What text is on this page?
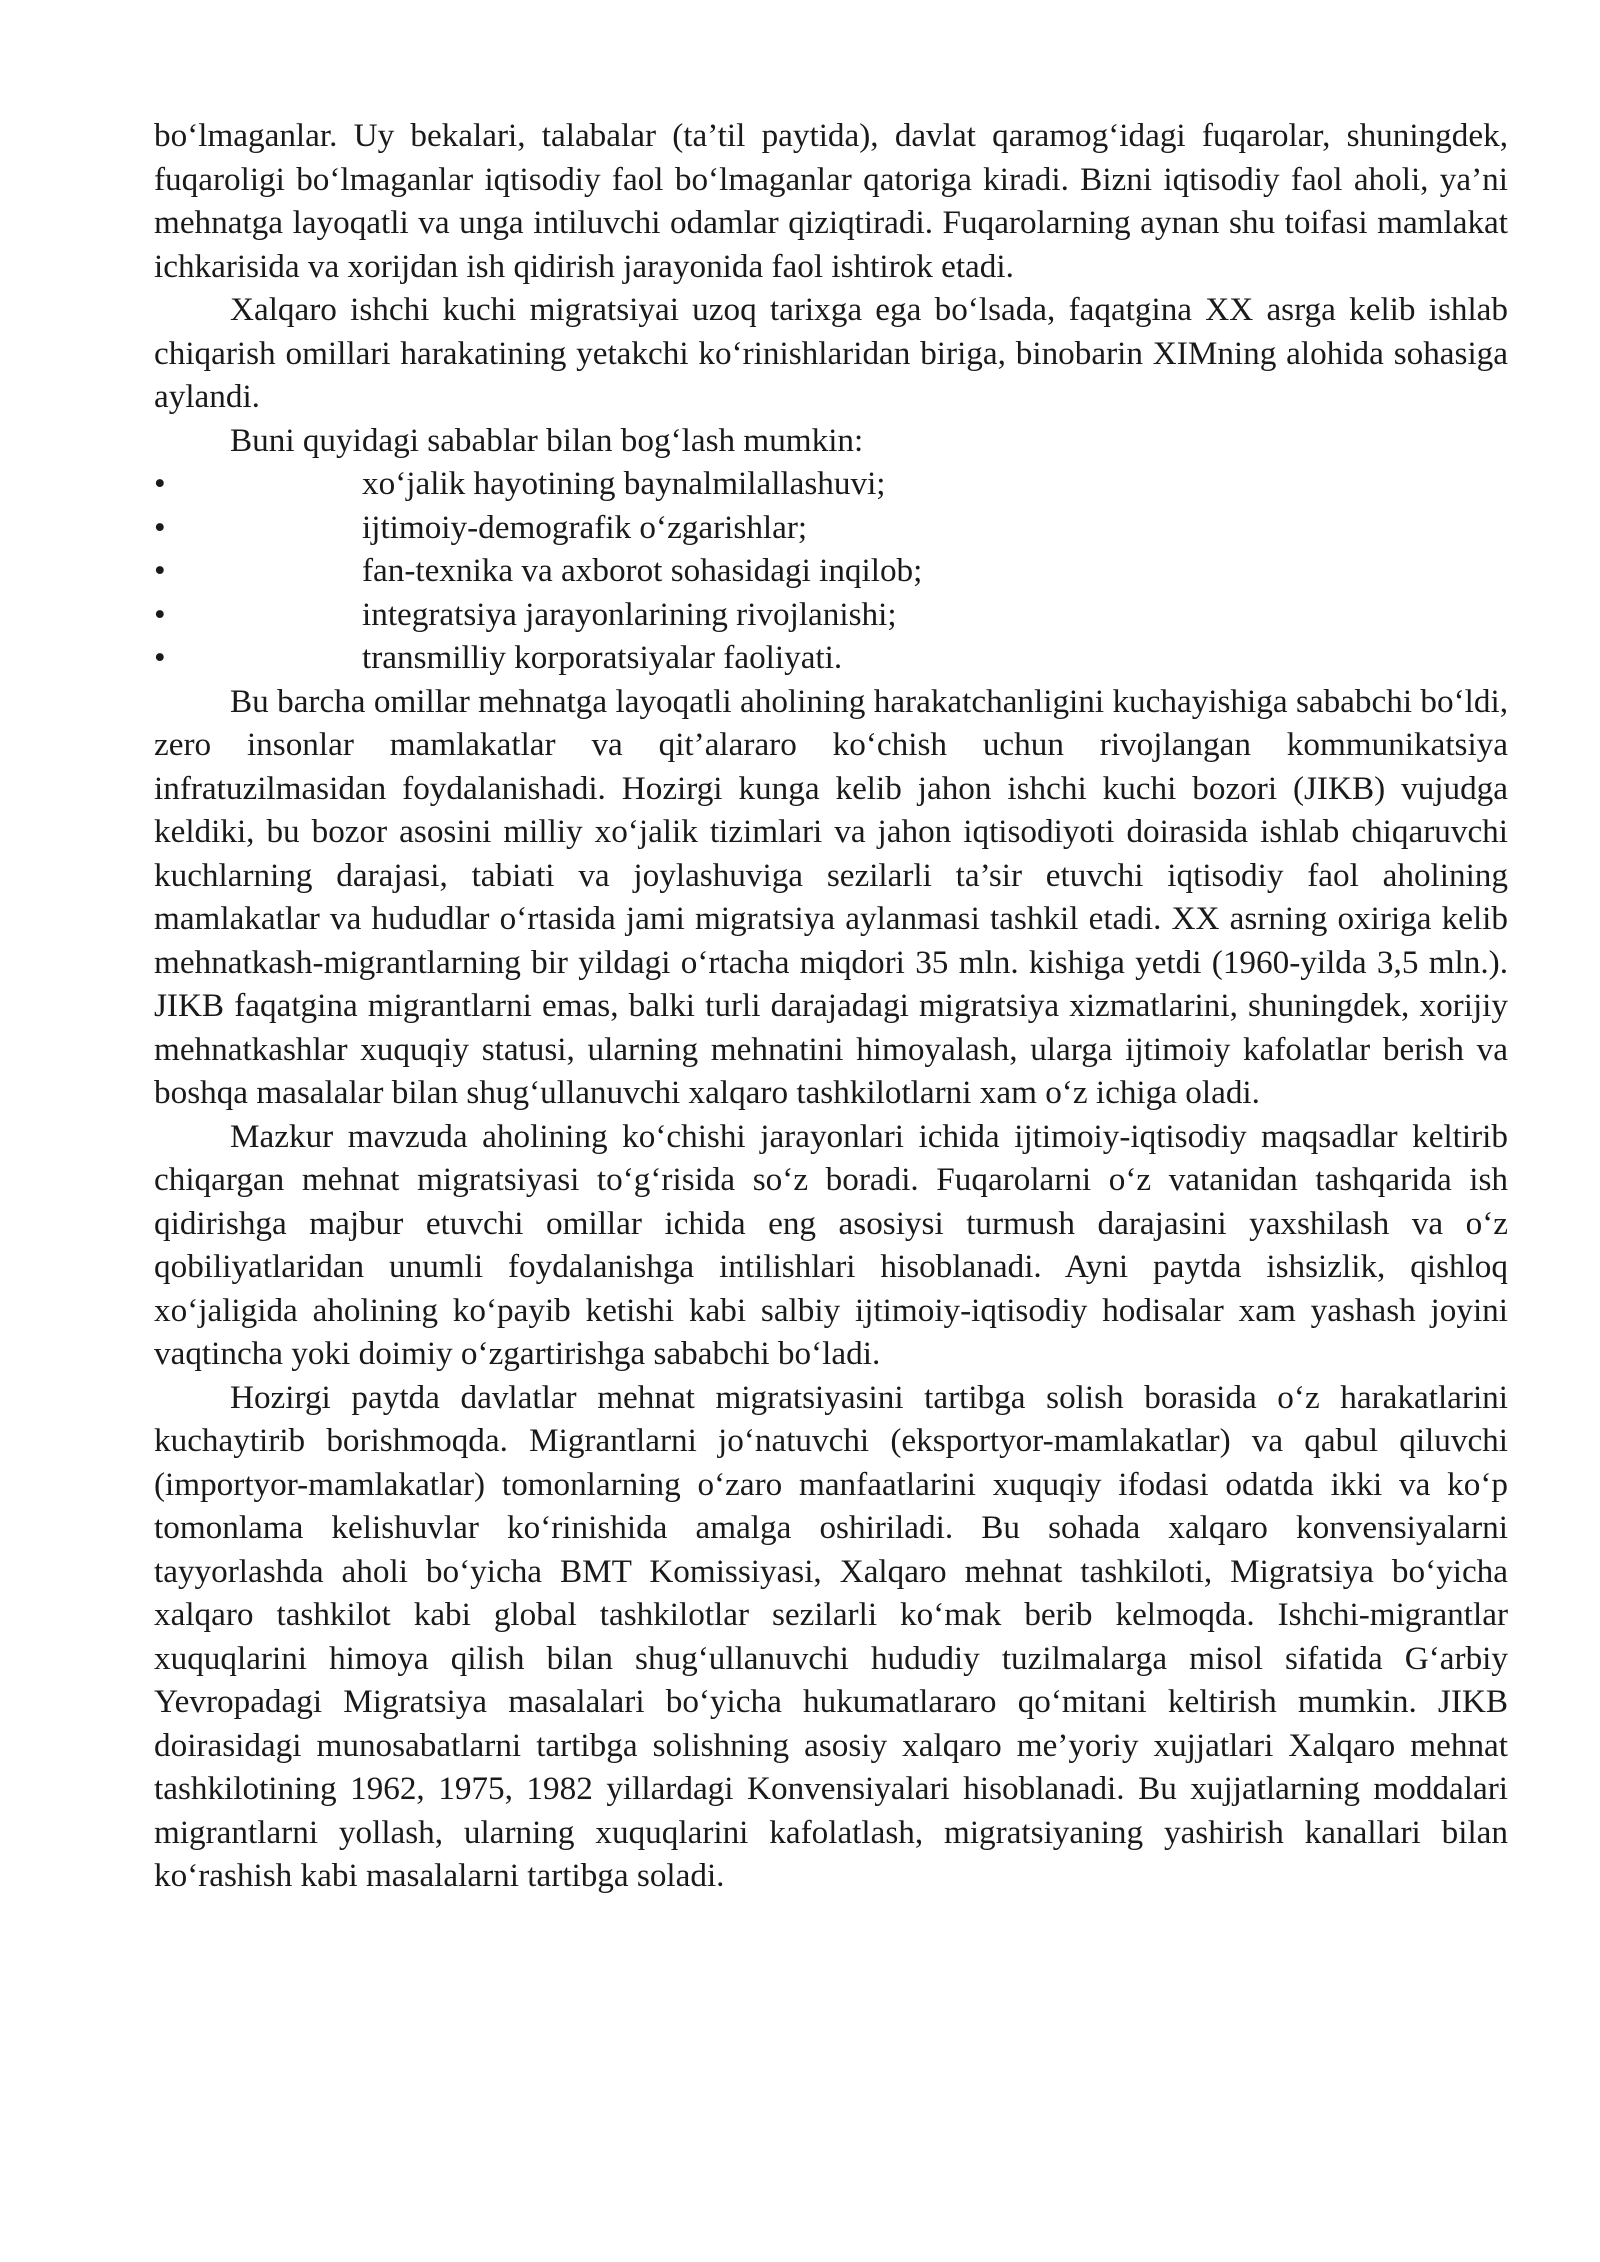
bo‘lmaganlar. Uy bekalari, talabalar (ta’til paytida), davlat qaramog‘idagi fuqarolar, shuningdek, fuqaroligi bo‘lmaganlar iqtisodiy faol bo‘lmaganlar qatoriga kiradi. Bizni iqtisodiy faol aholi, ya’ni mehnatga layoqatli va unga intiluvchi odamlar qiziqtiradi. Fuqarolarning aynan shu toifasi mamlakat ichkarisida va xorijdan ish qidirish jarayonida faol ishtirok etadi.

Xalqaro ishchi kuchi migratsiyai uzoq tarixga ega bo‘lsada, faqatgina XX asrga kelib ishlab chiqarish omillari harakatining yetakchi ko‘rinishlaridan biriga, binobarin XIMning alohida sohasiga aylandi.

Buni quyidagi sabablar bilan bog‘lash mumkin:

•	xo‘jalik hayotining baynalmilallashuvi;
•	ijtimoiy-demografik o‘zgarishlar;
•	fan-texnika va axborot sohasidagi inqilob;
•	integratsiya jarayonlarining rivojlanishi;
•	transmilliy korporatsiyalar faoliyati.

Bu barcha omillar mehnatga layoqatli aholining harakatchanligini kuchayishiga sababchi bo‘ldi, zero insonlar mamlakatlar va qit’alararo ko‘chish uchun rivojlangan kommunikatsiya infratuzilmasidan foydalanishadi. Hozirgi kunga kelib jahon ishchi kuchi bozori (JIKB) vujudga keldiki, bu bozor asosini milliy xo‘jalik tizimlari va jahon iqtisodiyoti doirasida ishlab chiqaruvchi kuchlarning darajasi, tabiati va joylashuviga sezilarli ta’sir etuvchi iqtisodiy faol aholining mamlakatlar va hududlar o‘rtasida jami migratsiya aylanmasi tashkil etadi. XX asrning oxiriga kelib mehnatkash-migrantlarning bir yildagi o‘rtacha miqdori 35 mln. kishiga yetdi (1960-yilda 3,5 mln.). JIKB faqatgina migrantlarni emas, balki turli darajadagi migratsiya xizmatlarini, shuningdek, xorijiy mehnatkashlar xuquqiy statusi, ularning mehnatini himoyalash, ularga ijtimoiy kafolatlar berish va boshqa masalalar bilan shug‘ullanuvchi xalqaro tashkilotlarni xam o‘z ichiga oladi.

Mazkur mavzuda aholining ko‘chishi jarayonlari ichida ijtimoiy-iqtisodiy maqsadlar keltirib chiqargan mehnat migratsiyasi to‘g‘risida so‘z boradi. Fuqarolarni o‘z vatanidan tashqarida ish qidirishga majbur etuvchi omillar ichida eng asosiysi turmush darajasini yaxshilash va o‘z qobiliyatlaridan unumli foydalanishga intilishlari hisoblanadi. Ayni paytda ishsizlik, qishloq xo‘jaligida aholining ko‘payib ketishi kabi salbiy ijtimoiy-iqtisodiy hodisalar xam yashash joyini vaqtincha yoki doimiy o‘zgartirishga sababchi bo‘ladi.

Hozirgi paytda davlatlar mehnat migratsiyasini tartibga solish borasida o‘z harakatlarini kuchaytirib borishmoqda. Migrantlarni jo‘natuvchi (eksportyor-mamlakatlar) va qabul qiluvchi (importyor-mamlakatlar) tomonlarning o‘zaro manfaatlarini xuquqiy ifodasi odatda ikki va ko‘p tomonlama kelishuvlar ko‘rinishida amalga oshiriladi. Bu sohada xalqaro konvensiyalarni tayyorlashda aholi bo‘yicha BMT Komissiyasi, Xalqaro mehnat tashkiloti, Migratsiya bo‘yicha xalqaro tashkilot kabi global tashkilotlar sezilarli ko‘mak berib kelmoqda. Ishchi-migrantlar xuquqlarini himoya qilish bilan shug‘ullanuvchi hududiy tuzilmalarga misol sifatida G‘arbiy Yevropadagi Migratsiya masalalari bo‘yicha hukumatlararo qo‘mitani keltirish mumkin. JIKB doirasidagi munosabatlarni tartibga solishning asosiy xalqaro me’yoriy xujjatlari Xalqaro mehnat tashkilotining 1962, 1975, 1982 yillardagi Konvensiyalari hisoblanadi. Bu xujjatlarning moddalari migrantlarni yollash, ularning xuquqlarini kafolatlash, migratsiyaning yashirish kanallari bilan ko‘rashish kabi masalalarni tartibga soladi.
